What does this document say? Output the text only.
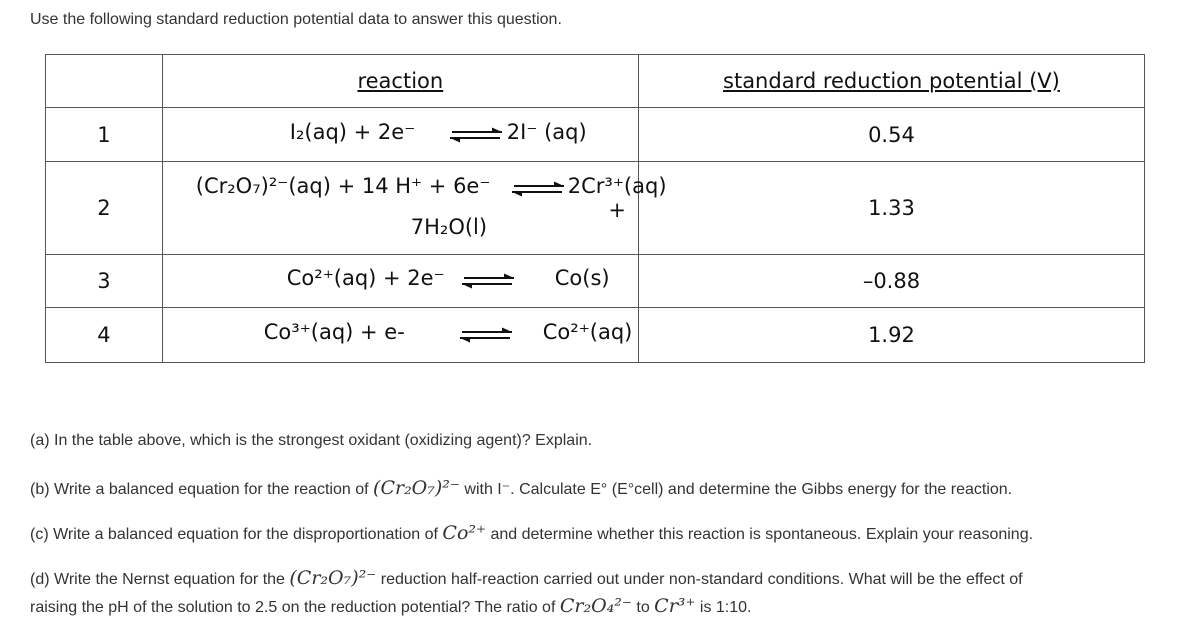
Use the following standard reduction potential data to answer this question.
	reaction	standard reduction potential (V)
1	I₂(aq) + 2e⁻ ⇌ 2I⁻ (aq)	0.54
2	(Cr₂O₇)²⁻(aq) + 14 H⁺ + 6e⁻ ⇌ 2Cr³⁺(aq) +
7H₂O(l)	1.33
3	Co²⁺(aq) + 2e⁻ ⇌ Co(s)	–0.88
4	Co³⁺(aq) + e- ⇌ Co²⁺(aq)	1.92
(a) In the table above, which is the strongest oxidant (oxidizing agent)? Explain.
(b) Write a balanced equation for the reaction of (Cr₂O₇)²⁻ with I⁻. Calculate E° (E°cell) and determine the Gibbs energy for the reaction.
(c) Write a balanced equation for the disproportionation of Co²⁺ and determine whether this reaction is spontaneous. Explain your reasoning.
(d) Write the Nernst equation for the (Cr₂O₇)²⁻ reduction half-reaction carried out under non-standard conditions. What will be the effect of
raising the pH of the solution to 2.5 on the reduction potential? The ratio of Cr₂O₄²⁻ to Cr³⁺ is 1:10.
